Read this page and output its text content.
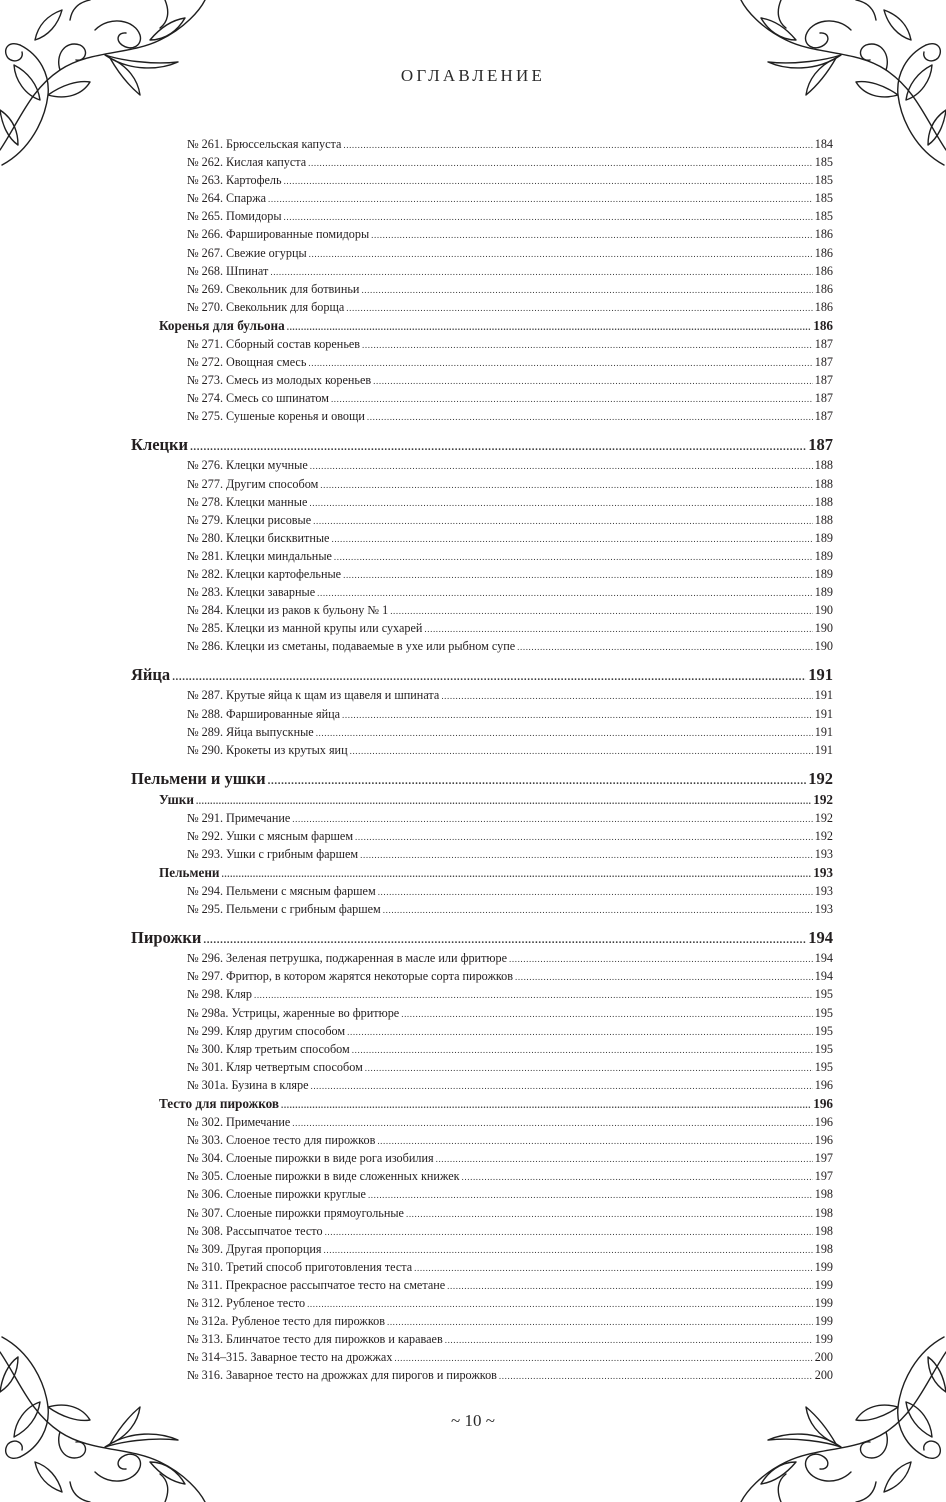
ОГЛАВЛЕНИЕ
№ 261. Брюссельская капуста .....	184
№ 262. Кислая капуста .....	185
№ 263. Картофель .....	185
№ 264. Спаржа .....	185
№ 265. Помидоры .....	185
№ 266. Фаршированные помидоры .....	186
№ 267. Свежие огурцы .....	186
№ 268. Шпинат .....	186
№ 269. Свекольник для ботвиньи .....	186
№ 270. Свекольник для борща .....	186
Коренья для бульона .....	186
№ 271. Сборный состав кореньев .....	187
№ 272. Овощная смесь .....	187
№ 273. Смесь из молодых кореньев .....	187
№ 274. Смесь со шпинатом .....	187
№ 275. Сушеные коренья и овощи .....	187
Клецки .....	187
№ 276. Клецки мучные .....	188
№ 277. Другим способом .....	188
№ 278. Клецки манные .....	188
№ 279. Клецки рисовые .....	188
№ 280. Клецки бисквитные .....	189
№ 281. Клецки миндальные .....	189
№ 282. Клецки картофельные .....	189
№ 283. Клецки заварные .....	189
№ 284. Клецки из раков к бульону № 1 .....	190
№ 285. Клецки из манной крупы или сухарей .....	190
№ 286. Клецки из сметаны, подаваемые в ухе или рыбном супе .....	190
Яйца .....	191
№ 287. Крутые яйца к щам из щавеля и шпината .....	191
№ 288. Фаршированные яйца .....	191
№ 289. Яйца выпускные .....	191
№ 290. Крокеты из крутых яиц .....	191
Пельмени и ушки .....	192
Ушки .....	192
№ 291. Примечание .....	192
№ 292. Ушки с мясным фаршем .....	192
№ 293. Ушки с грибным фаршем .....	193
Пельмени .....	193
№ 294. Пельмени с мясным фаршем .....	193
№ 295. Пельмени с грибным фаршем .....	193
Пирожки .....	194
№ 296. Зеленая петрушка, поджаренная в масле или фритюре .....	194
№ 297. Фритюр, в котором жарятся некоторые сорта пирожков .....	194
№ 298. Кляр .....	195
№ 298а. Устрицы, жаренные во фритюре .....	195
№ 299. Кляр другим способом .....	195
№ 300. Кляр третьим способом .....	195
№ 301. Кляр четвертым способом .....	195
№ 301а. Бузина в кляре .....	196
Тесто для пирожков .....	196
№ 302. Примечание .....	196
№ 303. Слоеное тесто для пирожков .....	196
№ 304. Слоеные пирожки в виде рога изобилия .....	197
№ 305. Слоеные пирожки в виде сложенных книжек .....	197
№ 306. Слоеные пирожки круглые .....	198
№ 307. Слоеные пирожки прямоугольные .....	198
№ 308. Рассыпчатое тесто .....	198
№ 309. Другая пропорция .....	198
№ 310. Третий способ приготовления теста .....	199
№ 311. Прекрасное рассыпчатое тесто на сметане .....	199
№ 312. Рубленое тесто .....	199
№ 312а. Рубленое тесто для пирожков .....	199
№ 313. Блинчатое тесто для пирожков и караваев .....	199
№ 314–315. Заварное тесто на дрожжах .....	200
№ 316. Заварное тесто на дрожжах для пирогов и пирожков .....	200
~ 10 ~
